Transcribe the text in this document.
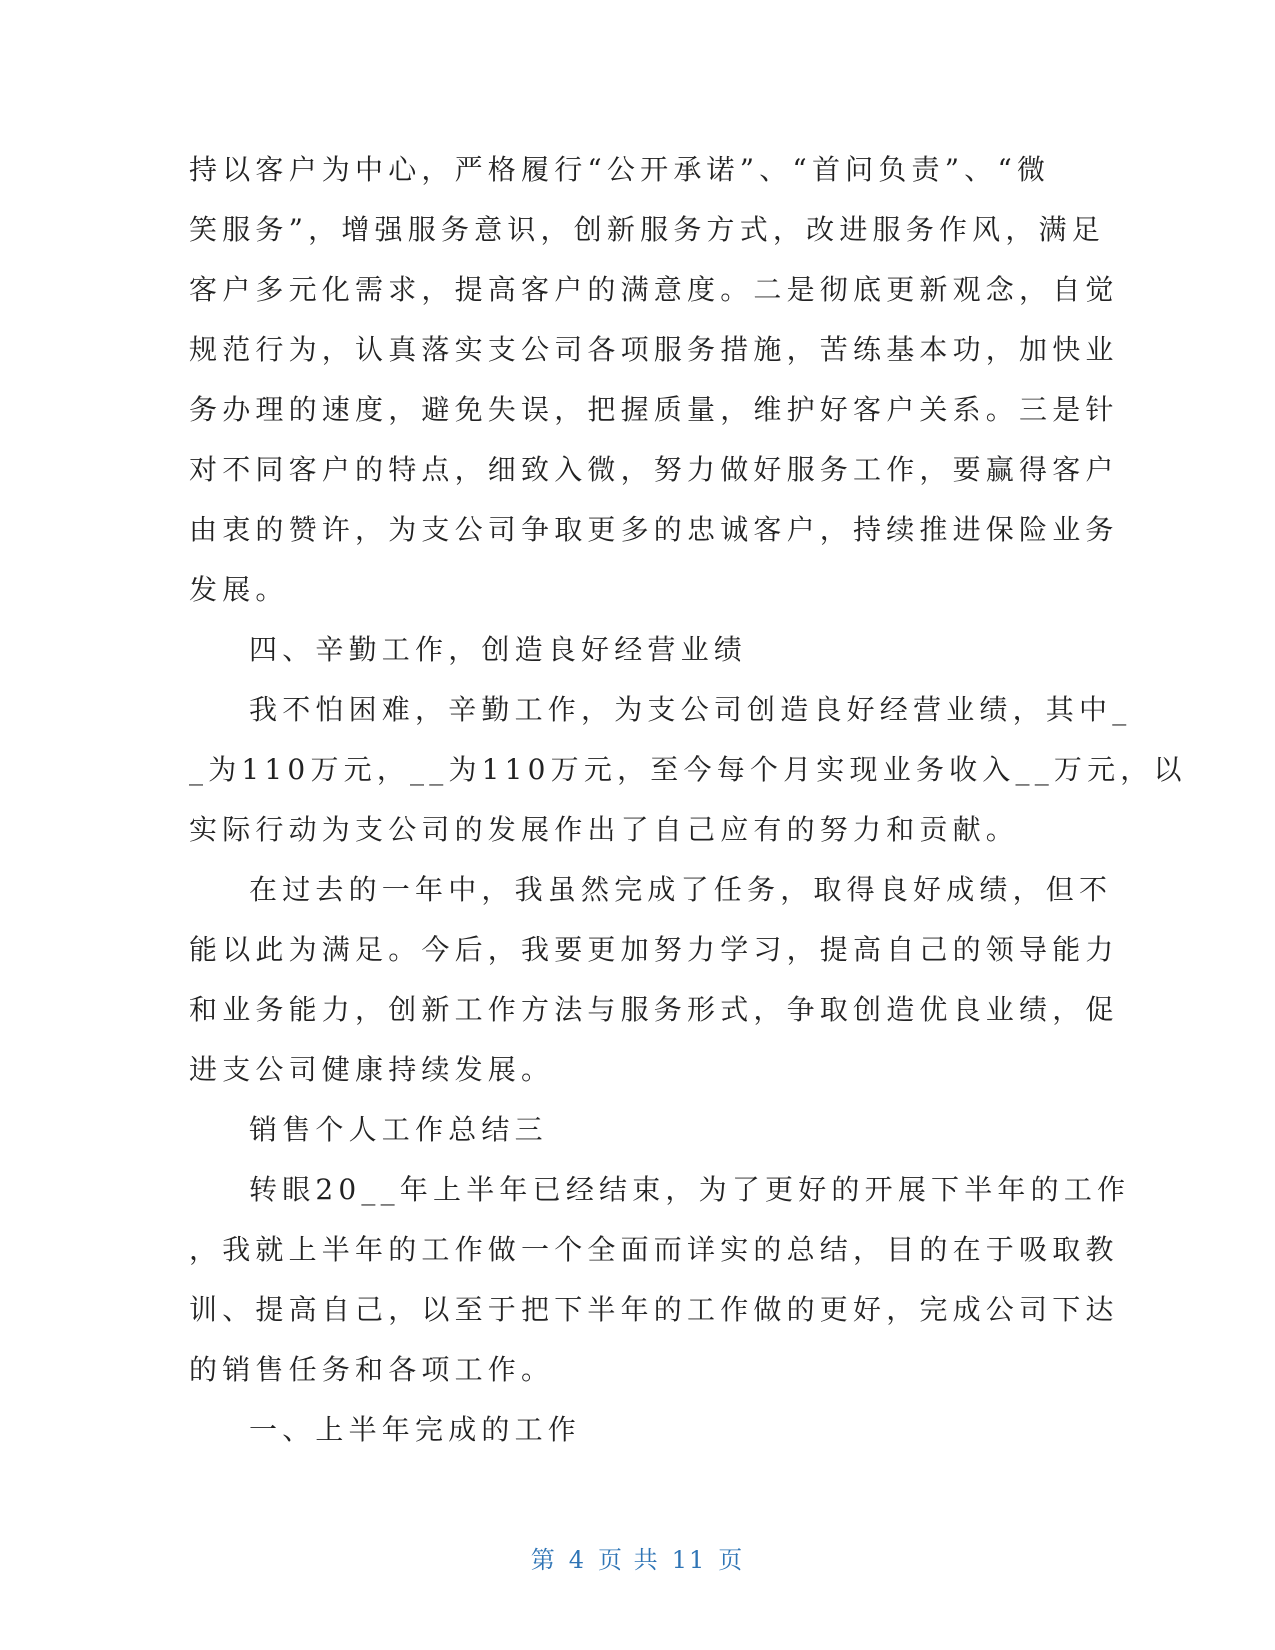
持以客户为中心，严格履行“公开承诺”、“首问负责”、“微
笑服务”，增强服务意识，创新服务方式，改进服务作风，满足
客户多元化需求，提高客户的满意度。二是彻底更新观念，自觉
规范行为，认真落实支公司各项服务措施，苦练基本功，加快业
务办理的速度，避免失误，把握质量，维护好客户关系。三是针
对不同客户的特点，细致入微，努力做好服务工作，要赢得客户
由衷的赞许，为支公司争取更多的忠诚客户，持续推进保险业务
发展。
四、辛勤工作，创造良好经营业绩
我不怕困难，辛勤工作，为支公司创造良好经营业绩，其中_
_为110万元，__为110万元，至今每个月实现业务收入__万元，以
实际行动为支公司的发展作出了自己应有的努力和贡献。
在过去的一年中，我虽然完成了任务，取得良好成绩，但不
能以此为满足。今后，我要更加努力学习，提高自己的领导能力
和业务能力，创新工作方法与服务形式，争取创造优良业绩，促
进支公司健康持续发展。
销售个人工作总结三
转眼20__年上半年已经结束，为了更好的开展下半年的工作
，我就上半年的工作做一个全面而详实的总结，目的在于吸取教
训、提高自己，以至于把下半年的工作做的更好，完成公司下达
的销售任务和各项工作。
一、上半年完成的工作
第 4 页 共 11 页
